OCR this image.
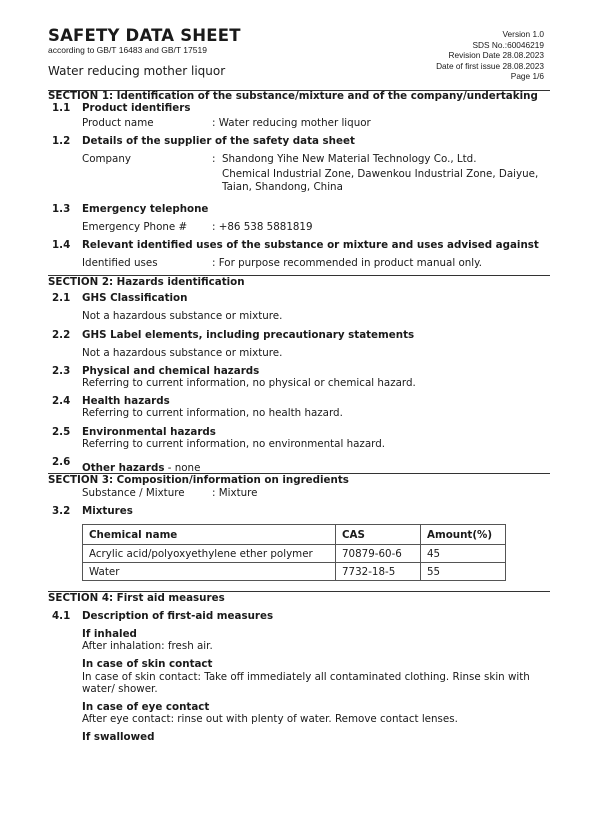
SAFETY DATA SHEET
according to GB/T 16483 and GB/T 17519
Water reducing mother liquor
Version 1.0
SDS No.:60046219
Revision Date 28.08.2023
Date of first issue 28.08.2023
Page 1/6
SECTION 1: Identification of the substance/mixture and of the company/undertaking
1.1 Product identifiers
Product name	: Water reducing mother liquor
1.2 Details of the supplier of the safety data sheet
Company	: Shandong Yihe New Material Technology Co., Ltd.
Chemical Industrial Zone, Dawenkou Industrial Zone, Daiyue,
Taian, Shandong, China
1.3 Emergency telephone
Emergency Phone # : +86 538 5881819
1.4 Relevant identified uses of the substance or mixture and uses advised against
Identified uses	: For purpose recommended in product manual only.
SECTION 2: Hazards identification
2.1 GHS Classification
Not a hazardous substance or mixture.
2.2 GHS Label elements, including precautionary statements
Not a hazardous substance or mixture.
2.3 Physical and chemical hazards
Referring to current information, no physical or chemical hazard.
2.4 Health hazards
Referring to current information, no health hazard.
2.5 Environmental hazards
Referring to current information, no environmental hazard.
2.6 Other hazards - none
SECTION 3: Composition/information on ingredients
Substance / Mixture	: Mixture
3.2 Mixtures
Chemical name	CAS	Amount(%)
Acrylic acid/polyoxyethylene ether polymer	70879-60-6	45
Water	7732-18-5	55
SECTION 4: First aid measures
4.1 Description of first-aid measures
If inhaled
After inhalation: fresh air.
In case of skin contact
In case of skin contact: Take off immediately all contaminated clothing. Rinse skin with
water/ shower.
In case of eye contact
After eye contact: rinse out with plenty of water. Remove contact lenses.
If swallowed
